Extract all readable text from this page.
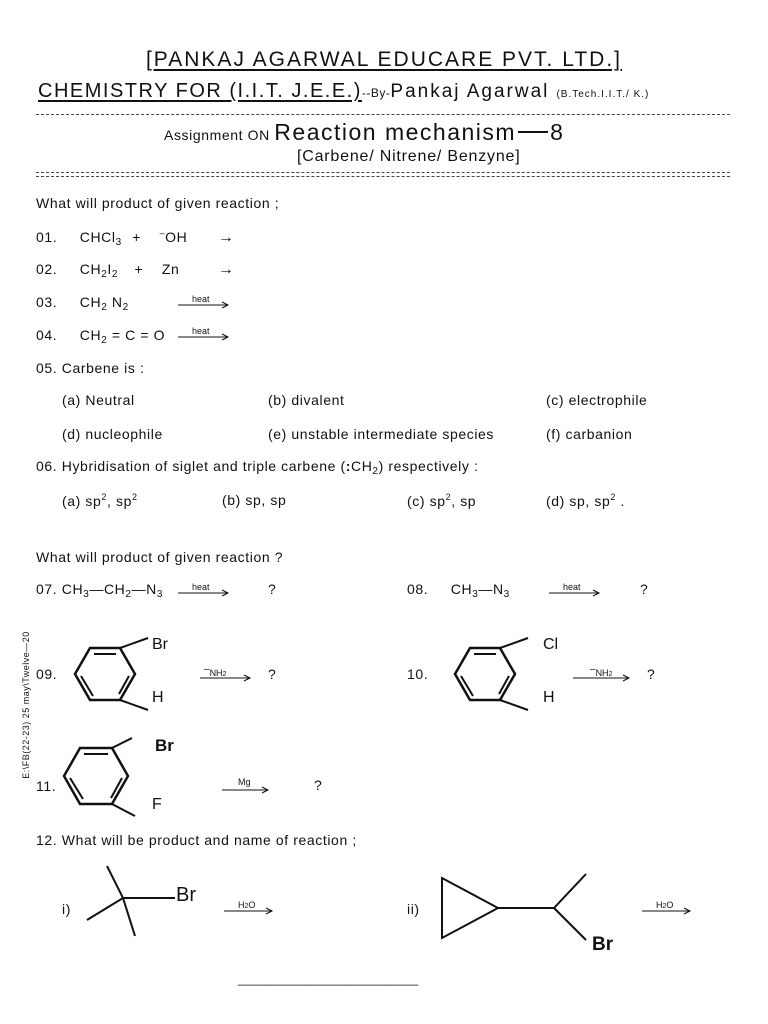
[PANKAJ AGARWAL EDUCARE PVT. LTD.]
CHEMISTRY FOR (I.I.T. J.E.E.)--By-Pankaj Agarwal (B.Tech.I.I.T./ K.)
Assignment ON Reaction mechanism 8
[Carbene/ Nitrene/ Benzyne]
E:\FB(22-23) 25 may\Twelve—20
What will product of given reaction ;
01. CHCl$_3$ + –OH →
02. $CH_2I_2 + Zn$ →
03. $CH_2$ $N_2$
heat
04. $CH_2 = C = O$	heat
05. Carbene is :
(a) Neutral	(b) divalent	(c) electrophile
(d) nucleophile	(e) unstable intermediate species	(f) carbanion
06. Hybridisation of siglet and triple carbene $(:CH_2)$ respectively :
(a) $sp^2$, $sp^2$	(b) sp, sp	(c) $sp^2$, sp	(d) sp, $sp^2$ .
What will product of given reaction ?
07. $CH_3—CH_2—N_3$
heat	?	08. $CH_3—N_3$
heat	?
09.
Br
H
–NH2	?	10.
Cl
H
–NH2 ?
11.
Br
F
Mg	?
12. What will be product and name of reaction ;
i)
Br	H2O	ii)
Br
H2O
___________________________
